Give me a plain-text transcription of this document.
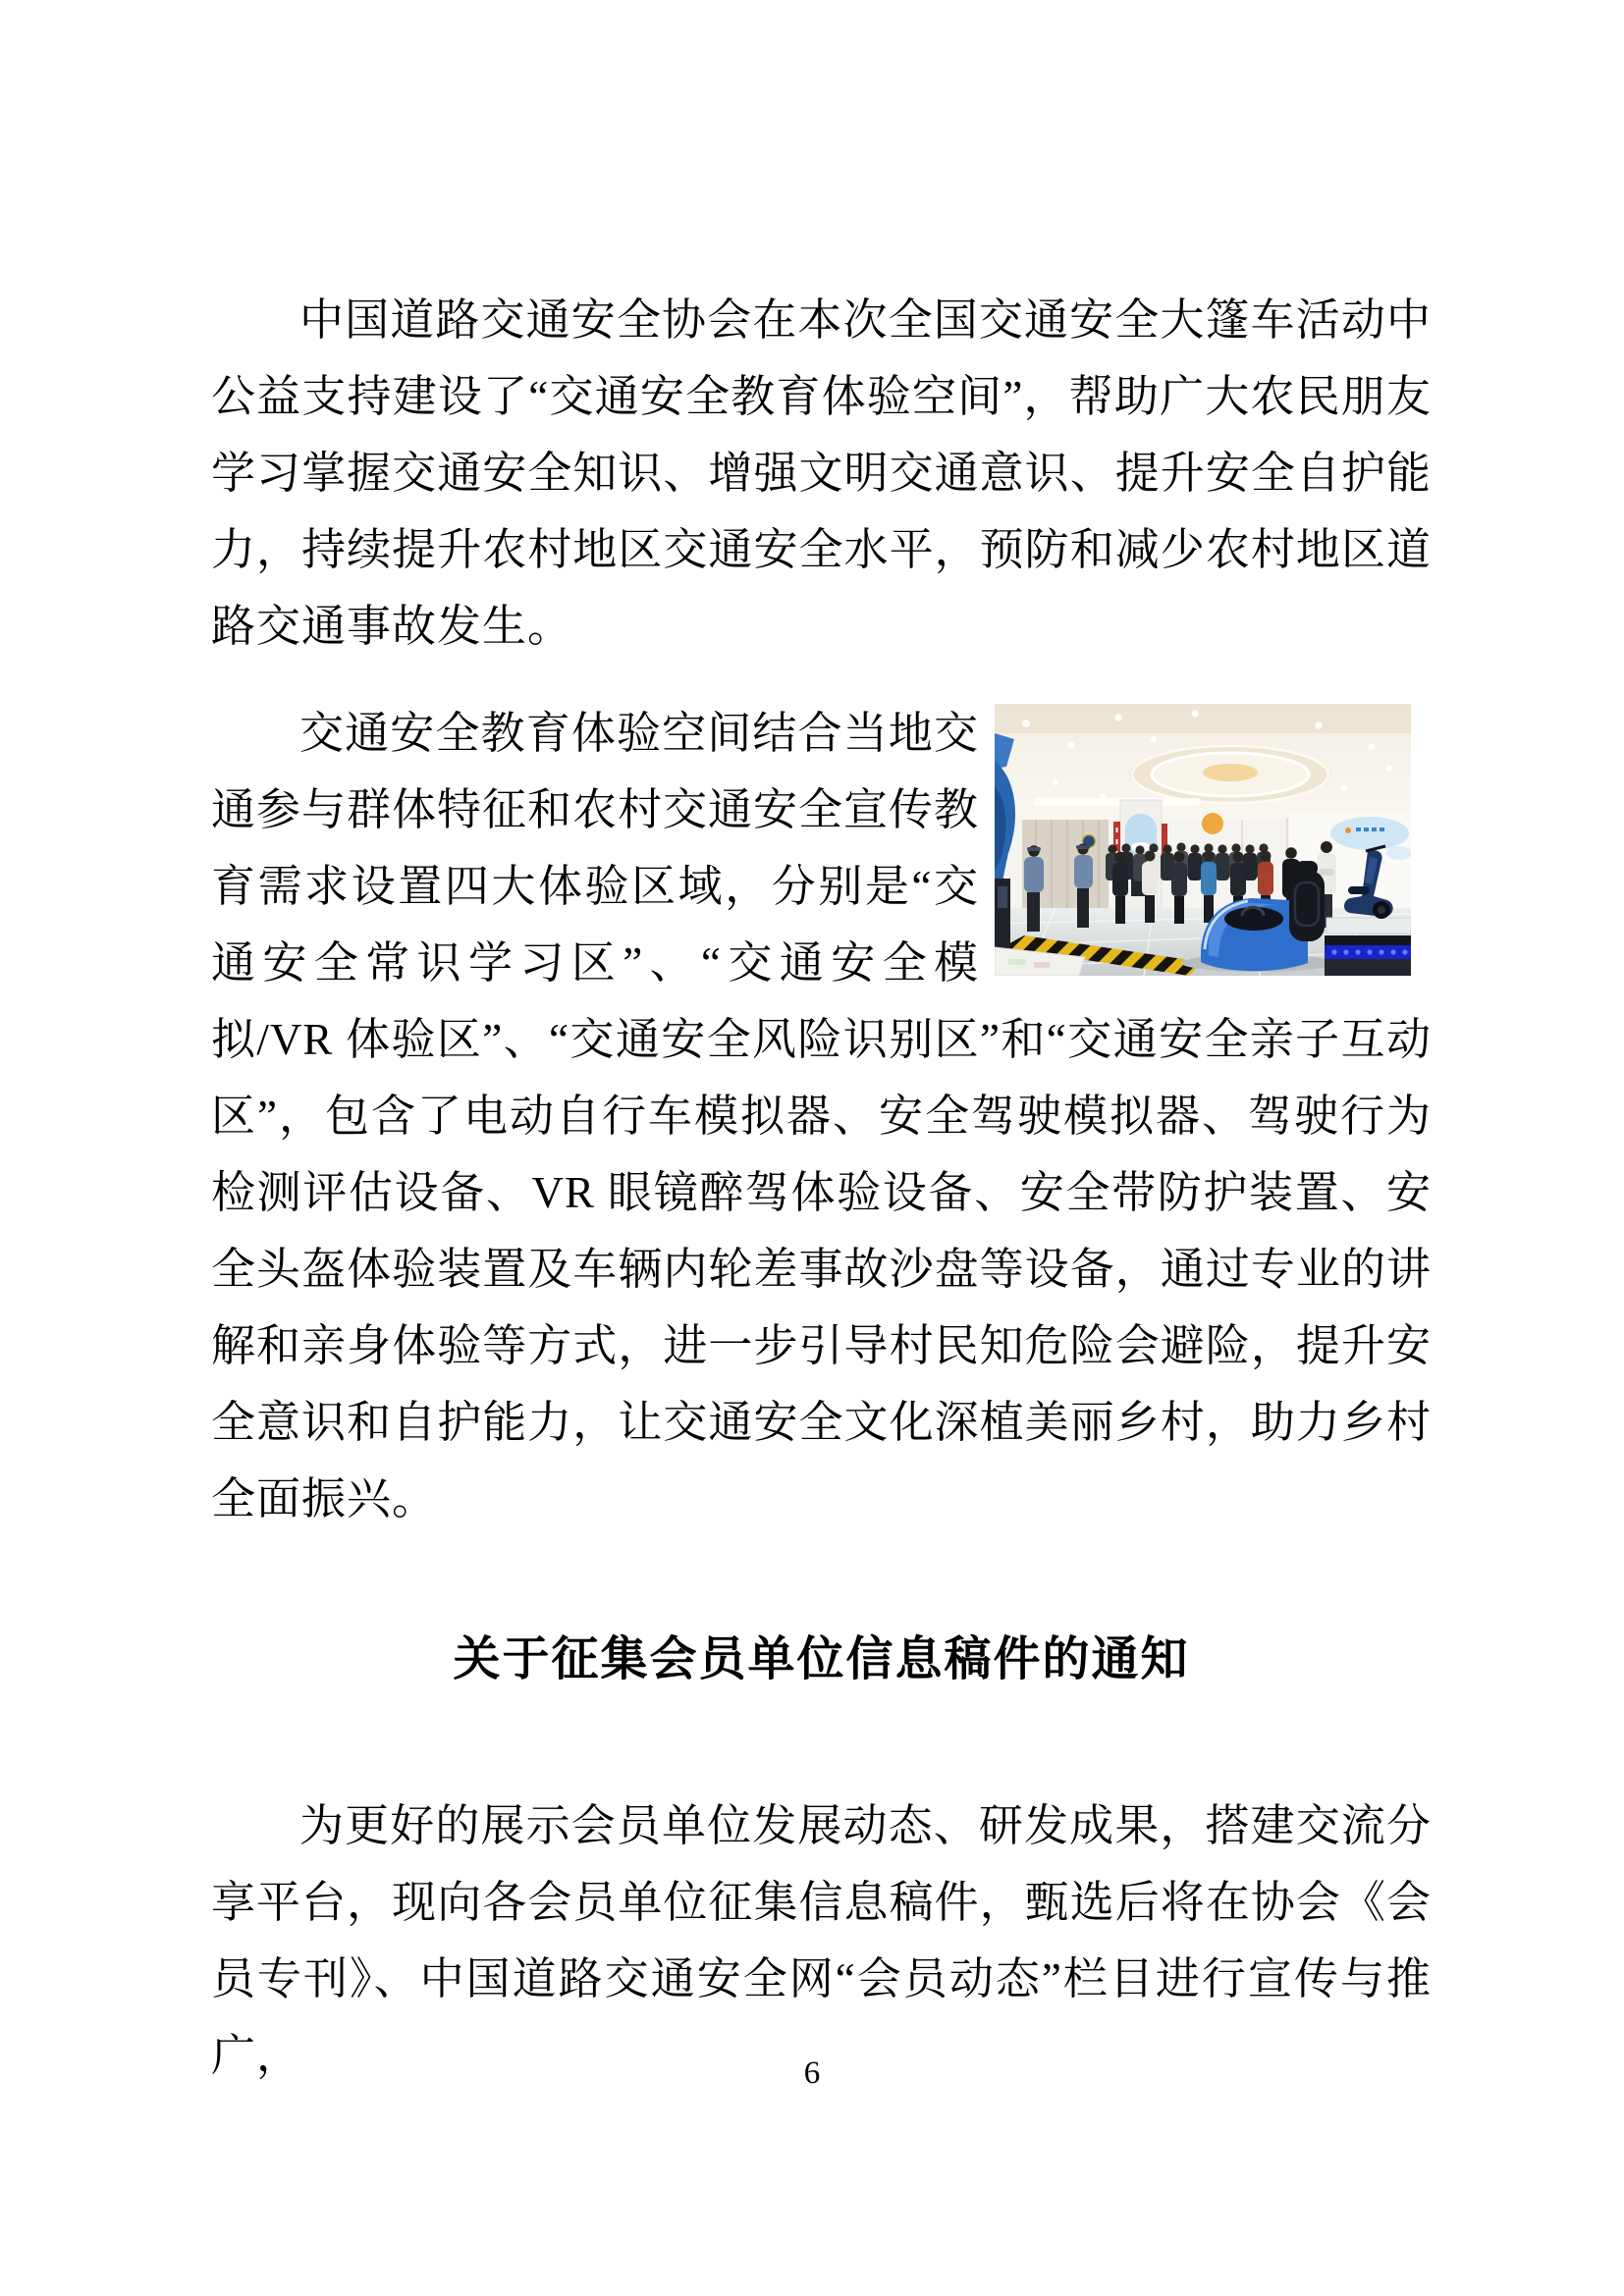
中国道路交通安全协会在本次全国交通安全大篷车活动中公益支持建设了“交通安全教育体验空间”，帮助广大农民朋友学习掌握交通安全知识、增强文明交通意识、提升安全自护能力，持续提升农村地区交通安全水平，预防和减少农村地区道路交通事故发生。

交通安全教育体验空间结合当地交通参与群体特征和农村交通安全宣传教育需求设置四大体验区域，分别是“交通安全常识学习区”、“交通安全模拟/VR 体验区”、“交通安全风险识别区”和“交通安全亲子互动区”，包含了电动自行车模拟器、安全驾驶模拟器、驾驶行为检测评估设备、VR 眼镜醉驾体验设备、安全带防护装置、安全头盔体验装置及车辆内轮差事故沙盘等设备，通过专业的讲解和亲身体验等方式，进一步引导村民知危险会避险，提升安全意识和自护能力，让交通安全文化深植美丽乡村，助力乡村全面振兴。
关于征集会员单位信息稿件的通知

为更好的展示会员单位发展动态、研发成果，搭建交流分享平台，现向各会员单位征集信息稿件，甄选后将在协会《会员专刊》、中国道路交通安全网“会员动态”栏目进行宣传与推广，	6
